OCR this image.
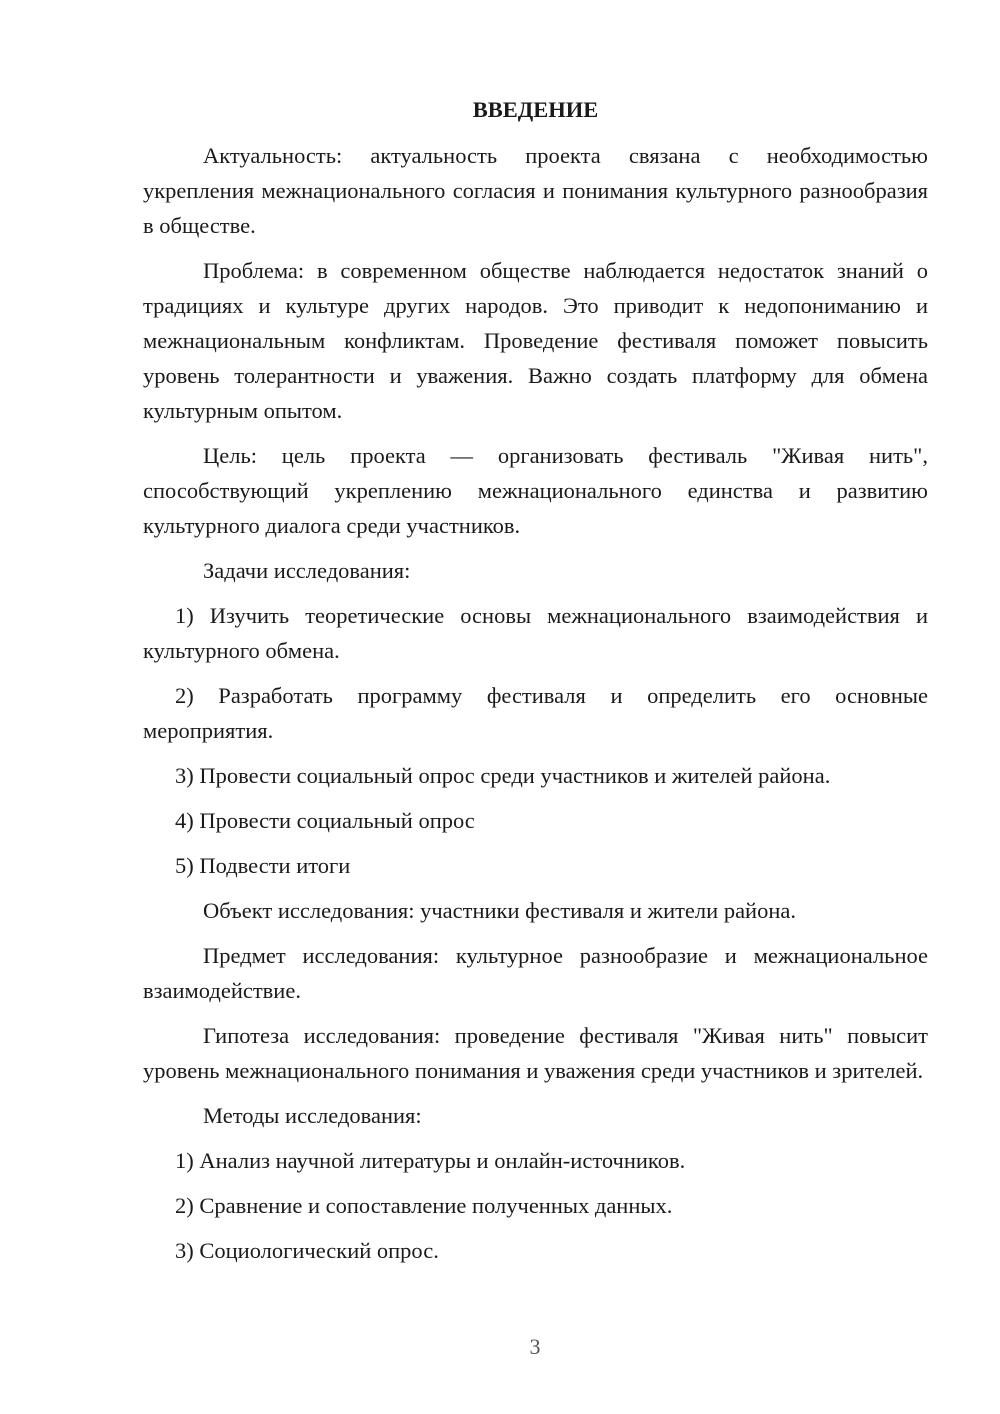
ВВЕДЕНИЕ

Актуальность: актуальность проекта связана с необходимостью укрепления межнационального согласия и понимания культурного разнообразия в обществе.

Проблема: в современном обществе наблюдается недостаток знаний о традициях и культуре других народов. Это приводит к недопониманию и межнациональным конфликтам. Проведение фестиваля поможет повысить уровень толерантности и уважения. Важно создать платформу для обмена культурным опытом.

Цель: цель проекта — организовать фестиваль "Живая нить", способствующий укреплению межнационального единства и развитию культурного диалога среди участников.

Задачи исследования:

1) Изучить теоретические основы межнационального взаимодействия и культурного обмена.

2) Разработать программу фестиваля и определить его основные мероприятия.

3) Провести социальный опрос среди участников и жителей района.

4) Провести социальный опрос

5) Подвести итоги

Объект исследования: участники фестиваля и жители района.

Предмет исследования: культурное разнообразие и межнациональное взаимодействие.

Гипотеза исследования: проведение фестиваля "Живая нить" повысит уровень межнационального понимания и уважения среди участников и зрителей.

Методы исследования:

1) Анализ научной литературы и онлайн-источников.

2) Сравнение и сопоставление полученных данных.

3) Социологический опрос.

3
